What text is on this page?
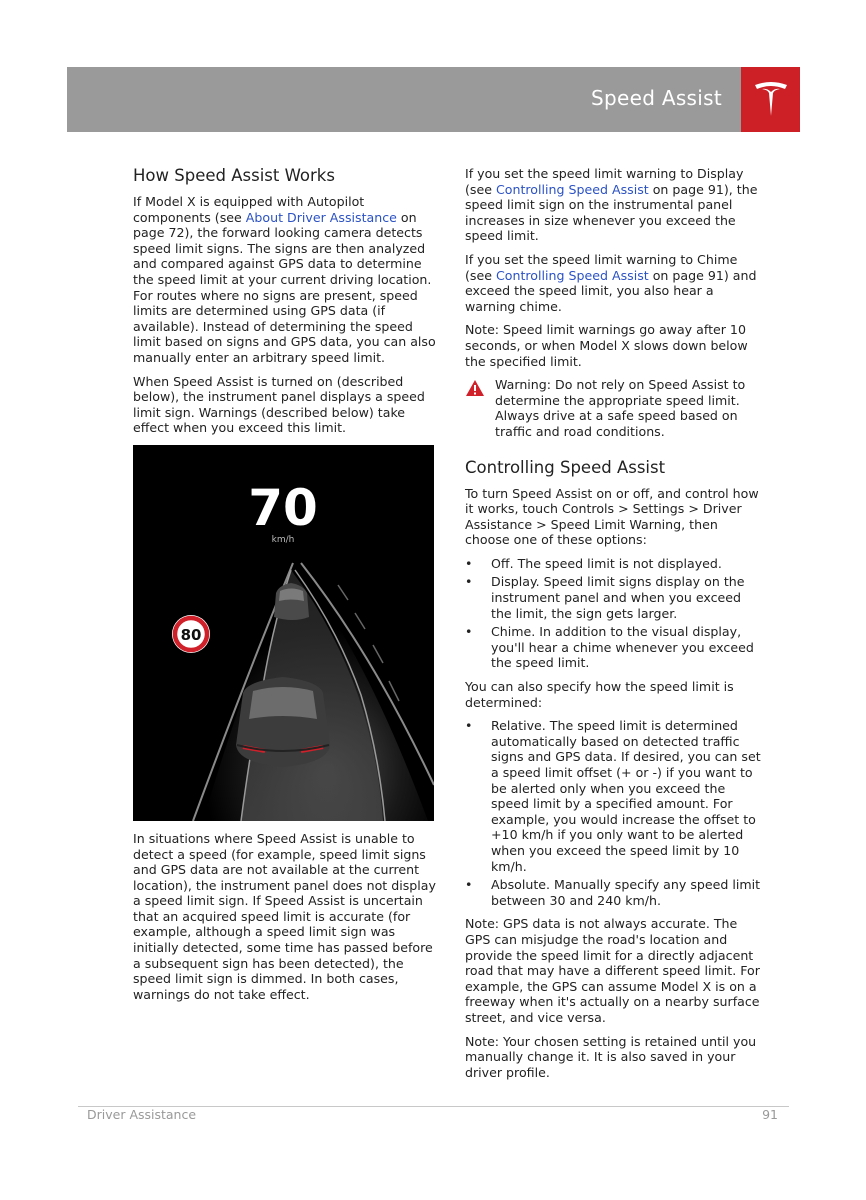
Speed Assist
How Speed Assist Works

If Model X is equipped with Autopilot components (see About Driver Assistance on page 72), the forward looking camera detects speed limit signs. The signs are then analyzed and compared against GPS data to determine the speed limit at your current driving location. For routes where no signs are present, speed limits are determined using GPS data (if available). Instead of determining the speed limit based on signs and GPS data, you can also manually enter an arbitrary speed limit.

When Speed Assist is turned on (described below), the instrument panel displays a speed limit sign. Warnings (described below) take effect when you exceed this limit.

70
km/h
80

In situations where Speed Assist is unable to detect a speed (for example, speed limit signs and GPS data are not available at the current location), the instrument panel does not display a speed limit sign. If Speed Assist is uncertain that an acquired speed limit is accurate (for example, although a speed limit sign was initially detected, some time has passed before a subsequent sign has been detected), the speed limit sign is dimmed. In both cases, warnings do not take effect.

If you set the speed limit warning to Display (see Controlling Speed Assist on page 91), the speed limit sign on the instrumental panel increases in size whenever you exceed the speed limit.

If you set the speed limit warning to Chime (see Controlling Speed Assist on page 91) and exceed the speed limit, you also hear a warning chime.

Note: Speed limit warnings go away after 10 seconds, or when Model X slows down below the specified limit.

Warning: Do not rely on Speed Assist to determine the appropriate speed limit. Always drive at a safe speed based on traffic and road conditions.
Controlling Speed Assist

To turn Speed Assist on or off, and control how it works, touch Controls > Settings > Driver Assistance > Speed Limit Warning, then choose one of these options:

• Off. The speed limit is not displayed.
• Display. Speed limit signs display on the instrument panel and when you exceed the limit, the sign gets larger.
• Chime. In addition to the visual display, you'll hear a chime whenever you exceed the speed limit.

You can also specify how the speed limit is determined:

• Relative. The speed limit is determined automatically based on detected traffic signs and GPS data. If desired, you can set a speed limit offset (+ or -) if you want to be alerted only when you exceed the speed limit by a specified amount. For example, you would increase the offset to +10 km/h if you only want to be alerted when you exceed the speed limit by 10 km/h.
• Absolute. Manually specify any speed limit between 30 and 240 km/h.

Note: GPS data is not always accurate. The GPS can misjudge the road's location and provide the speed limit for a directly adjacent road that may have a different speed limit. For example, the GPS can assume Model X is on a freeway when it's actually on a nearby surface street, and vice versa.

Note: Your chosen setting is retained until you manually change it. It is also saved in your driver profile.

Driver Assistance	91
